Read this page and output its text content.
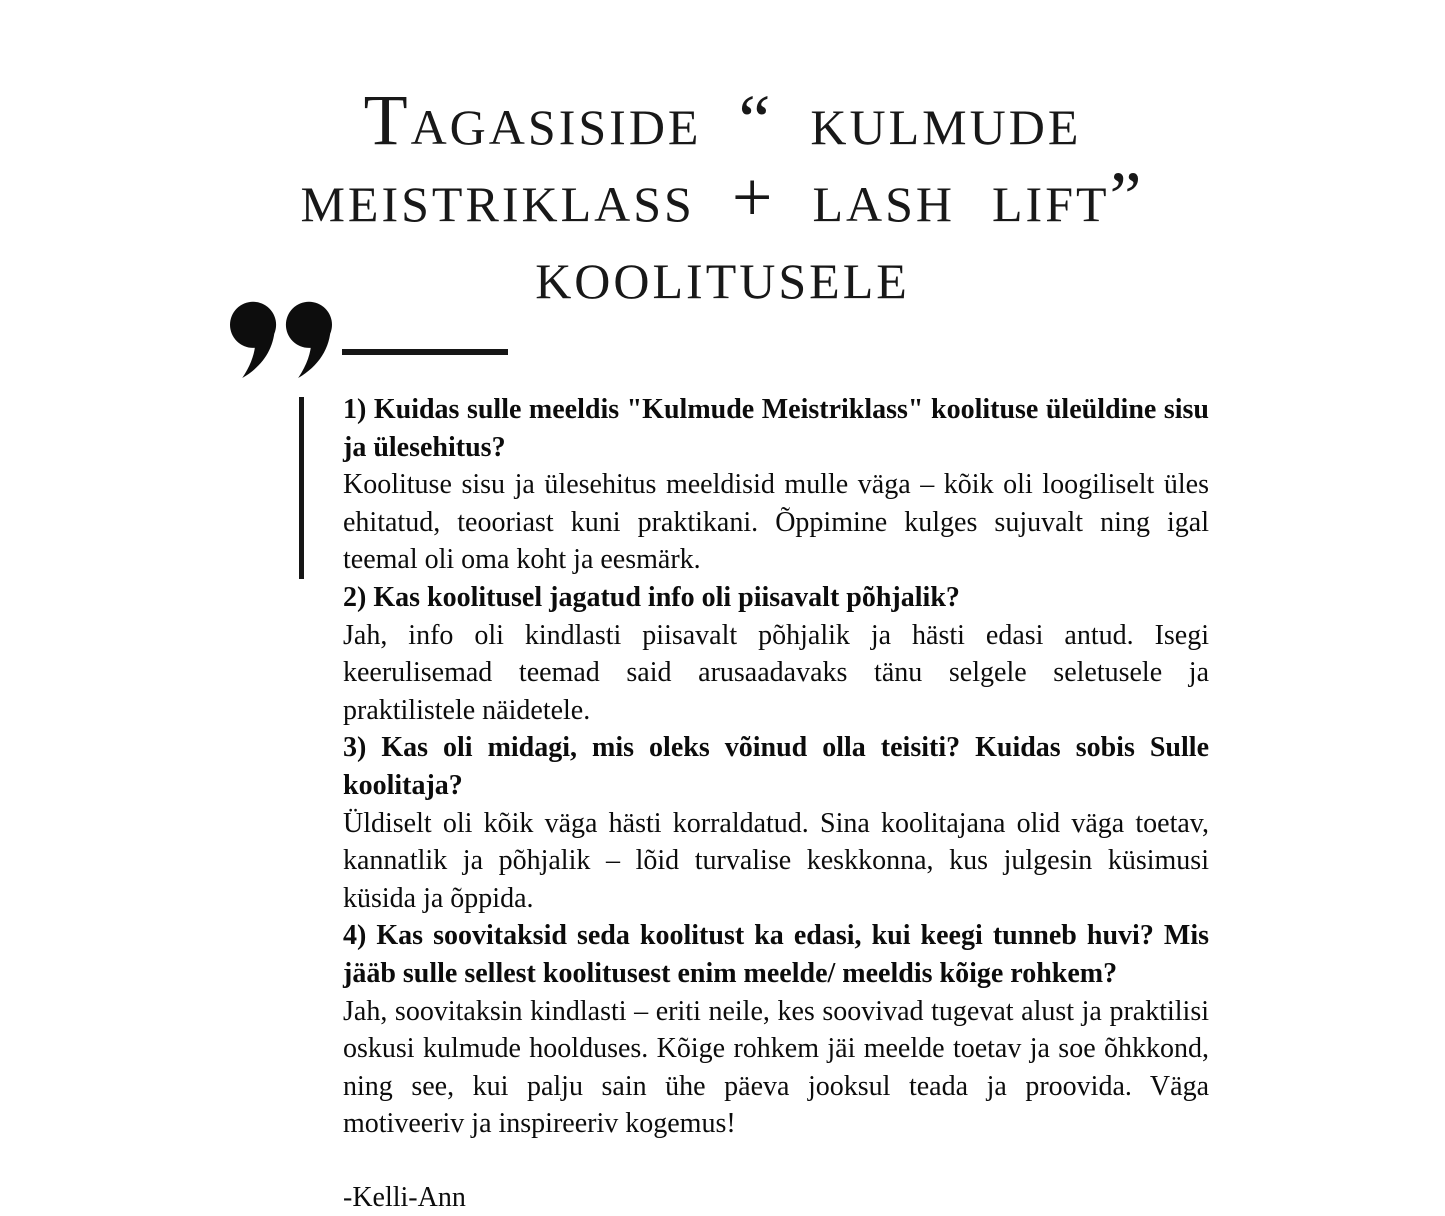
Tagasiside “ kulmude
meistriklass + lash lift”
koolitusele

1) Kuidas sulle meeldis "Kulmude Meistriklass" koolituse üleüldine sisu ja ülesehitus?

Koolituse sisu ja ülesehitus meeldisid mulle väga – kõik oli loogiliselt üles ehitatud, teooriast kuni praktikani. Õppimine kulges sujuvalt ning igal teemal oli oma koht ja eesmärk.

2) Kas koolitusel jagatud info oli piisavalt põhjalik?

Jah, info oli kindlasti piisavalt põhjalik ja hästi edasi antud. Isegi keerulisemad teemad said arusaadavaks tänu selgele seletusele ja praktilistele näidetele.

3) Kas oli midagi, mis oleks võinud olla teisiti? Kuidas sobis Sulle koolitaja?

Üldiselt oli kõik väga hästi korraldatud. Sina koolitajana olid väga toetav, kannatlik ja põhjalik – lõid turvalise keskkonna, kus julgesin küsimusi küsida ja õppida.

4) Kas soovitaksid seda koolitust ka edasi, kui keegi tunneb huvi? Mis jääb sulle sellest koolitusest enim meelde/ meeldis kõige rohkem?

Jah, soovitaksin kindlasti – eriti neile, kes soovivad tugevat alust ja praktilisi oskusi kulmude hoolduses. Kõige rohkem jäi meelde toetav ja soe õhkkond, ning see, kui palju sain ühe päeva jooksul teada ja proovida. Väga motiveeriv ja inspireeriv kogemus!

-Kelli-Ann
